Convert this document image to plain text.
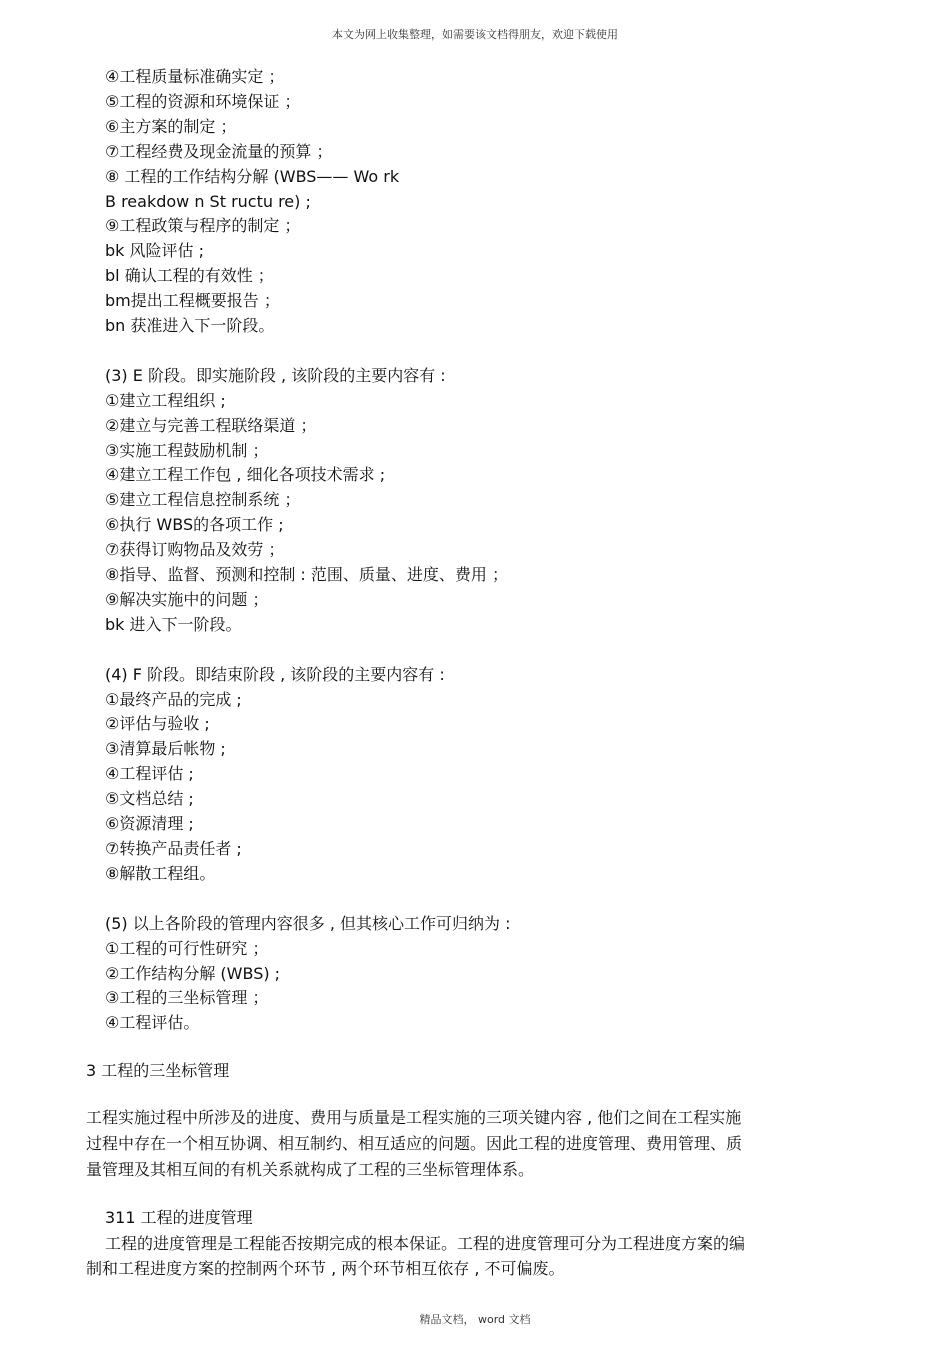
本文为网上收集整理，如需要该文档得朋友，欢迎下载使用
④工程质量标准确实定 ；
⑤工程的资源和环境保证 ；
⑥主方案的制定 ；
⑦工程经费及现金流量的预算 ；
⑧ 工程的工作结构分解 (WBS—— Wo rk
B reakdow n St ructu re) ;
⑨工程政策与程序的制定 ；
bk 风险评估 ;
bl 确认工程的有效性 ；
bm提出工程概要报告 ；
bn 获准进入下一阶段。
(3) E 阶段。即实施阶段 , 该阶段的主要内容有 :
①建立工程组织 ;
②建立与完善工程联络渠道 ；
③实施工程鼓励机制 ；
④建立工程工作包 , 细化各项技术需求 ;
⑤建立工程信息控制系统 ；
⑥执行 WBS的各项工作 ;
⑦获得订购物品及效劳 ；
⑧指导、监督、预测和控制 : 范围、质量、进度、费用 ；
⑨解决实施中的问题 ；
bk 进入下一阶段。
(4) F 阶段。即结束阶段 , 该阶段的主要内容有 :
①最终产品的完成 ;
②评估与验收 ;
③清算最后帐物 ;
④工程评估 ;
⑤文档总结 ;
⑥资源清理 ;
⑦转换产品责任者 ;
⑧解散工程组。
(5) 以上各阶段的管理内容很多 , 但其核心工作可归纳为 :
①工程的可行性研究 ；
②工作结构分解 (WBS) ;
③工程的三坐标管理 ；
④工程评估。
3 工程的三坐标管理
工程实施过程中所涉及的进度、费用与质量是工程实施的三项关键内容 , 他们之间在工程实施
过程中存在一个相互协调、相互制约、相互适应的问题。因此工程的进度管理、费用管理、质
量管理及其相互间的有机关系就构成了工程的三坐标管理体系。
311 工程的进度管理
工程的进度管理是工程能否按期完成的根本保证。工程的进度管理可分为工程进度方案的编
制和工程进度方案的控制两个环节 , 两个环节相互依存 , 不可偏废。
精品文档， word 文档
